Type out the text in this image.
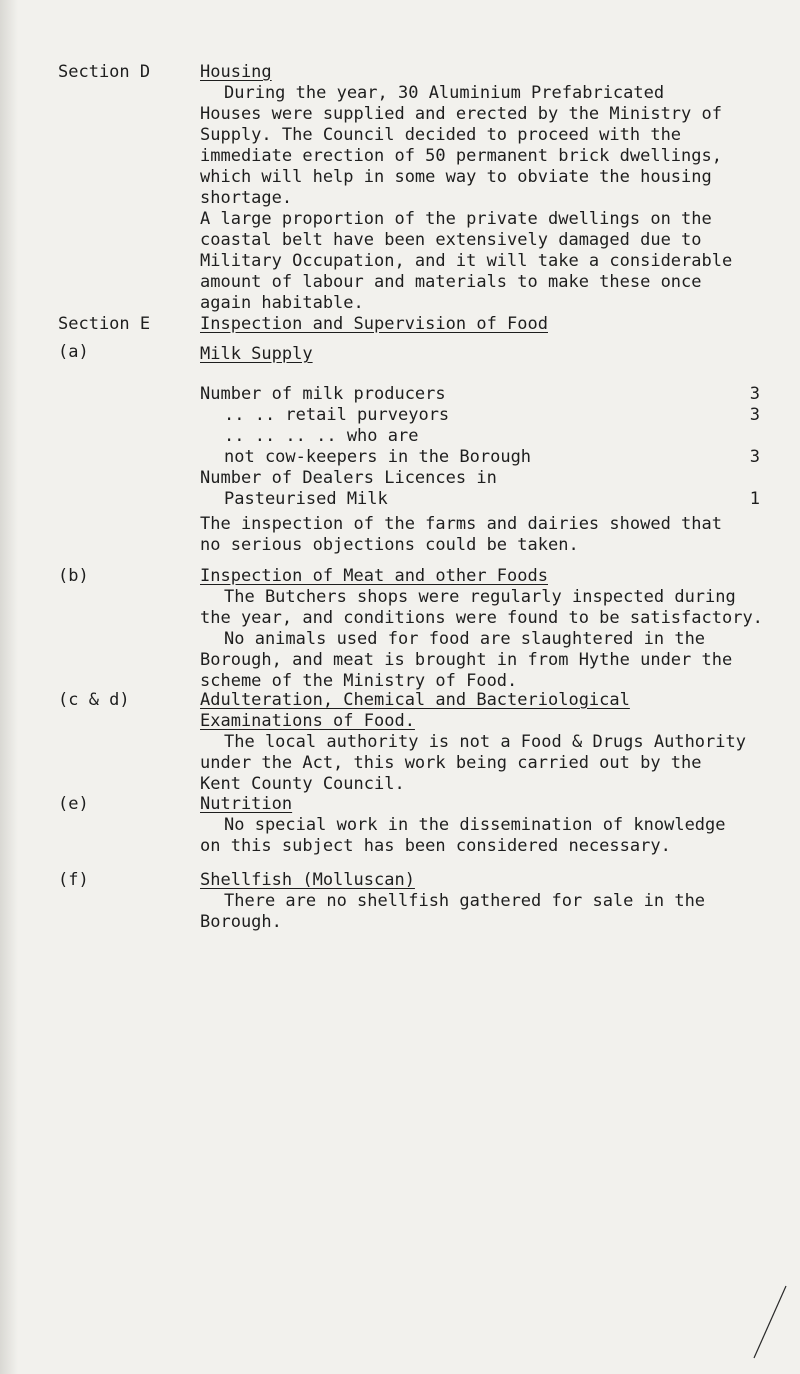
Section D	Housing
During the year, 30 Aluminium Prefabricated
Houses were supplied and erected by the Ministry of
Supply. The Council decided to proceed with the
immediate erection of 50 permanent brick dwellings,
which will help in some way to obviate the housing
shortage.
A large proportion of the private dwellings on the
coastal belt have been extensively damaged due to
Military Occupation, and it will take a considerable
amount of labour and materials to make these once
again habitable.
Section E	Inspection and Supervision of Food
(a)	Milk Supply
Number of milk producers	3
.. .. retail purveyors	3
.. .. .. .. who are
not cow-keepers in the Borough	3
Number of Dealers Licences in
Pasteurised Milk	1
The inspection of the farms and dairies showed that
no serious objections could be taken.
(b)	Inspection of Meat and other Foods
The Butchers shops were regularly inspected during
the year, and conditions were found to be satisfactory.
No animals used for food are slaughtered in the
Borough, and meat is brought in from Hythe under the
scheme of the Ministry of Food.
(c & d)	Adulteration, Chemical and Bacteriological
Examinations of Food.
The local authority is not a Food & Drugs Authority
under the Act, this work being carried out by the
Kent County Council.
(e)	Nutrition
No special work in the dissemination of knowledge
on this subject has been considered necessary.
(f)	Shellfish (Molluscan)
There are no shellfish gathered for sale in the
Borough.
